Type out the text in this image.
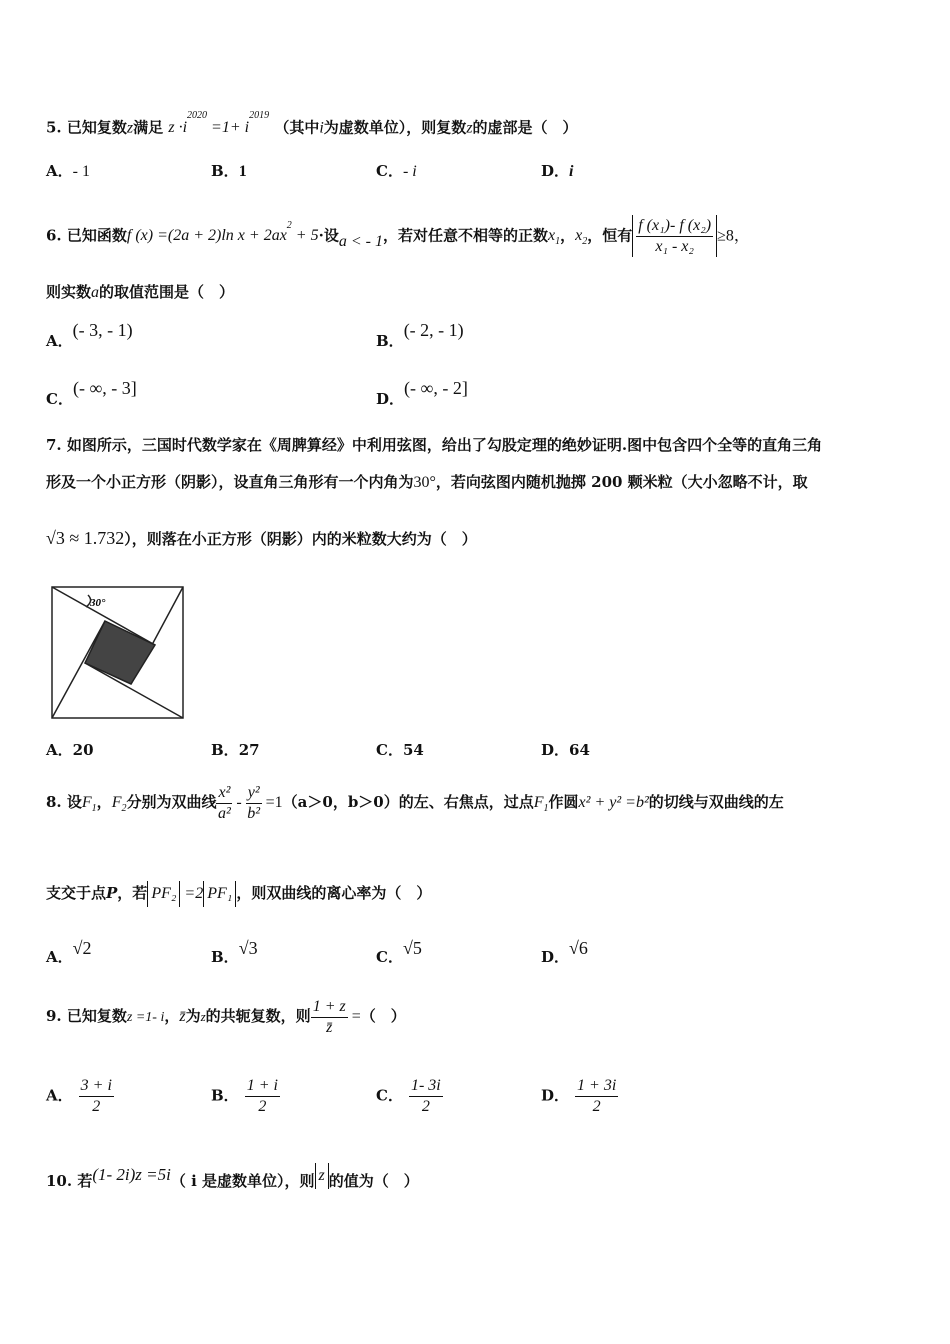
5. 已知复数z满足 $z \cdot i^{2020} =1+ i^{2019}$ （其中i为虚数单位），则复数z的虚部是（　）
A．- 1	B．1	C．- i	D．i
6. 已知函数f (x) =(2a + 2)ln $x + 2ax^2 + 5\cdot$设a < - 1，若对任意不相等的正数$x_1$，$x_2$，恒有 $\frac{\text{f (x₁)- f (x₂)}}{\text{x₁ - x₂}} \ge 8$，
则实数a的取值范围是（　）
A．(- 3, - 1)
B．(- 2, - 1)
C．(- ∞, - 3]
D．(- ∞, - 2]
7. 如图所示，三国时代数学家在《周脾算经》中利用弦图，给出了勾股定理的绝妙证明.图中包含四个全等的直角三角
形及一个小正方形（阴影），设直角三角形有一个内角为30°，若向弦图内随机抛掷 200 颗米粒（大小忽略不计，取
√3 ≈ 1.732），则落在小正方形（阴影）内的米粒数大约为（　）
30°
A．20	B．27	C．54	D．64
8. 设$F_1$，$F_2$分别为双曲线 $\frac{\text{x²}}{\text{a²}} - \frac{\text{y²}}{\text{b²}} =1(a>0$，b＞0）的左、右焦点，过点$F_1$作圆x² + y² =b²的切线与双曲线的左
支交于点P，若 PF₂ =2 PF₁ ，则双曲线的离心率为（　）
A．√2	B．√3	C．√5	D．√6
9. 已知复数z =1- i，z̄为z的共轭复数，则 $\frac{1 + z}{z̄}$ =（　）
A． $\frac{3 + i}{2}$	B． $\frac{1 + i}{2}$	C． $\frac{1- 3i}{2}$	D． $\frac{1 + 3i}{2}$
10. 若(1- 2i)z =5i（ i 是虚数单位），则 z 的值为（　）
